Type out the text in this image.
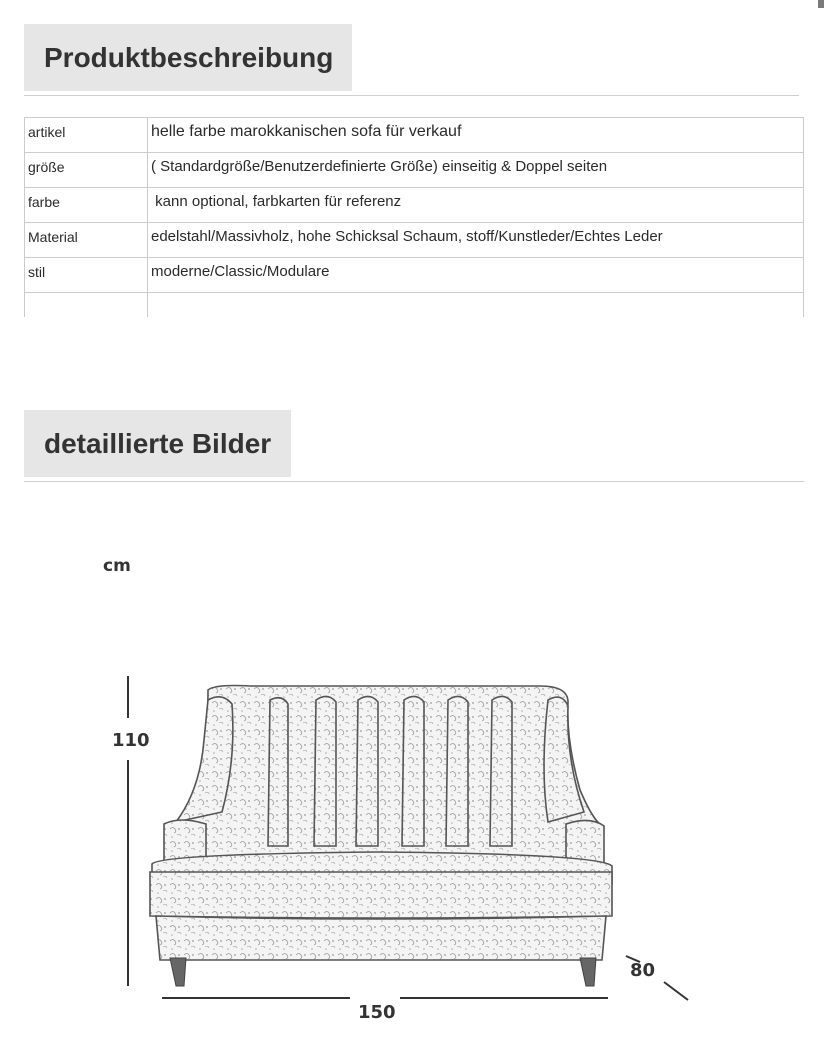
Produktbeschreibung
artikel	helle farbe marokkanischen sofa für verkauf
größe	( Standardgröße/Benutzerdefinierte Größe) einseitig & Doppel seiten
farbe	kann optional, farbkarten für referenz
Material	edelstahl/Massivholz, hohe Schicksal Schaum, stoff/Kunstleder/Echtes Leder
stil	moderne/Classic/Modulare

detaillierte Bilder
cm
110
150
80
